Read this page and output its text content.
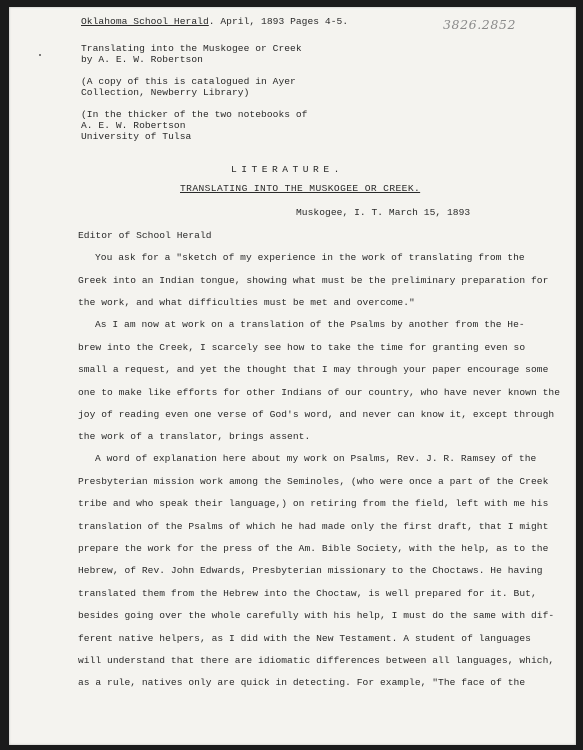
Oklahoma School Herald. April, 1893 Pages 4-5.	3826.2852
Translating into the Muskogee or Creek
by A. E. W. Robertson
(A copy of this is catalogued in Ayer
Collection, Newberry Library)
(In the thicker of the two notebooks of
A. E. W. Robertson
University of Tulsa
LITERATURE.
TRANSLATING INTO THE MUSKOGEE OR CREEK.
Muskogee, I. T. March 15, 1893
Editor of School Herald
You ask for a "sketch of my experience in the work of translating from the
Greek into an Indian tongue, showing what must be the preliminary preparation for
the work, and what difficulties must be met and overcome."
As I am now at work on a translation of the Psalms by another from the He-
brew into the Creek, I scarcely see how to take the time for granting even so
small a request, and yet the thought that I may through your paper encourage some
one to make like efforts for other Indians of our country, who have never known the
joy of reading even one verse of God's word, and never can know it, except through
the work of a translator, brings assent.
A word of explanation here about my work on Psalms, Rev. J. R. Ramsey of the
Presbyterian mission work among the Seminoles, (who were once a part of the Creek
tribe and who speak their language,) on retiring from the field, left with me his
translation of the Psalms of which he had made only the first draft, that I might
prepare the work for the press of the Am. Bible Society, with the help, as to the
Hebrew, of Rev. John Edwards, Presbyterian missionary to the Choctaws. He having
translated them from the Hebrew into the Choctaw, is well prepared for it. But,
besides going over the whole carefully with his help, I must do the same with dif-
ferent native helpers, as I did with the New Testament. A student of languages
will understand that there are idiomatic differences between all languages, which,
as a rule, natives only are quick in detecting. For example, "The face of the
